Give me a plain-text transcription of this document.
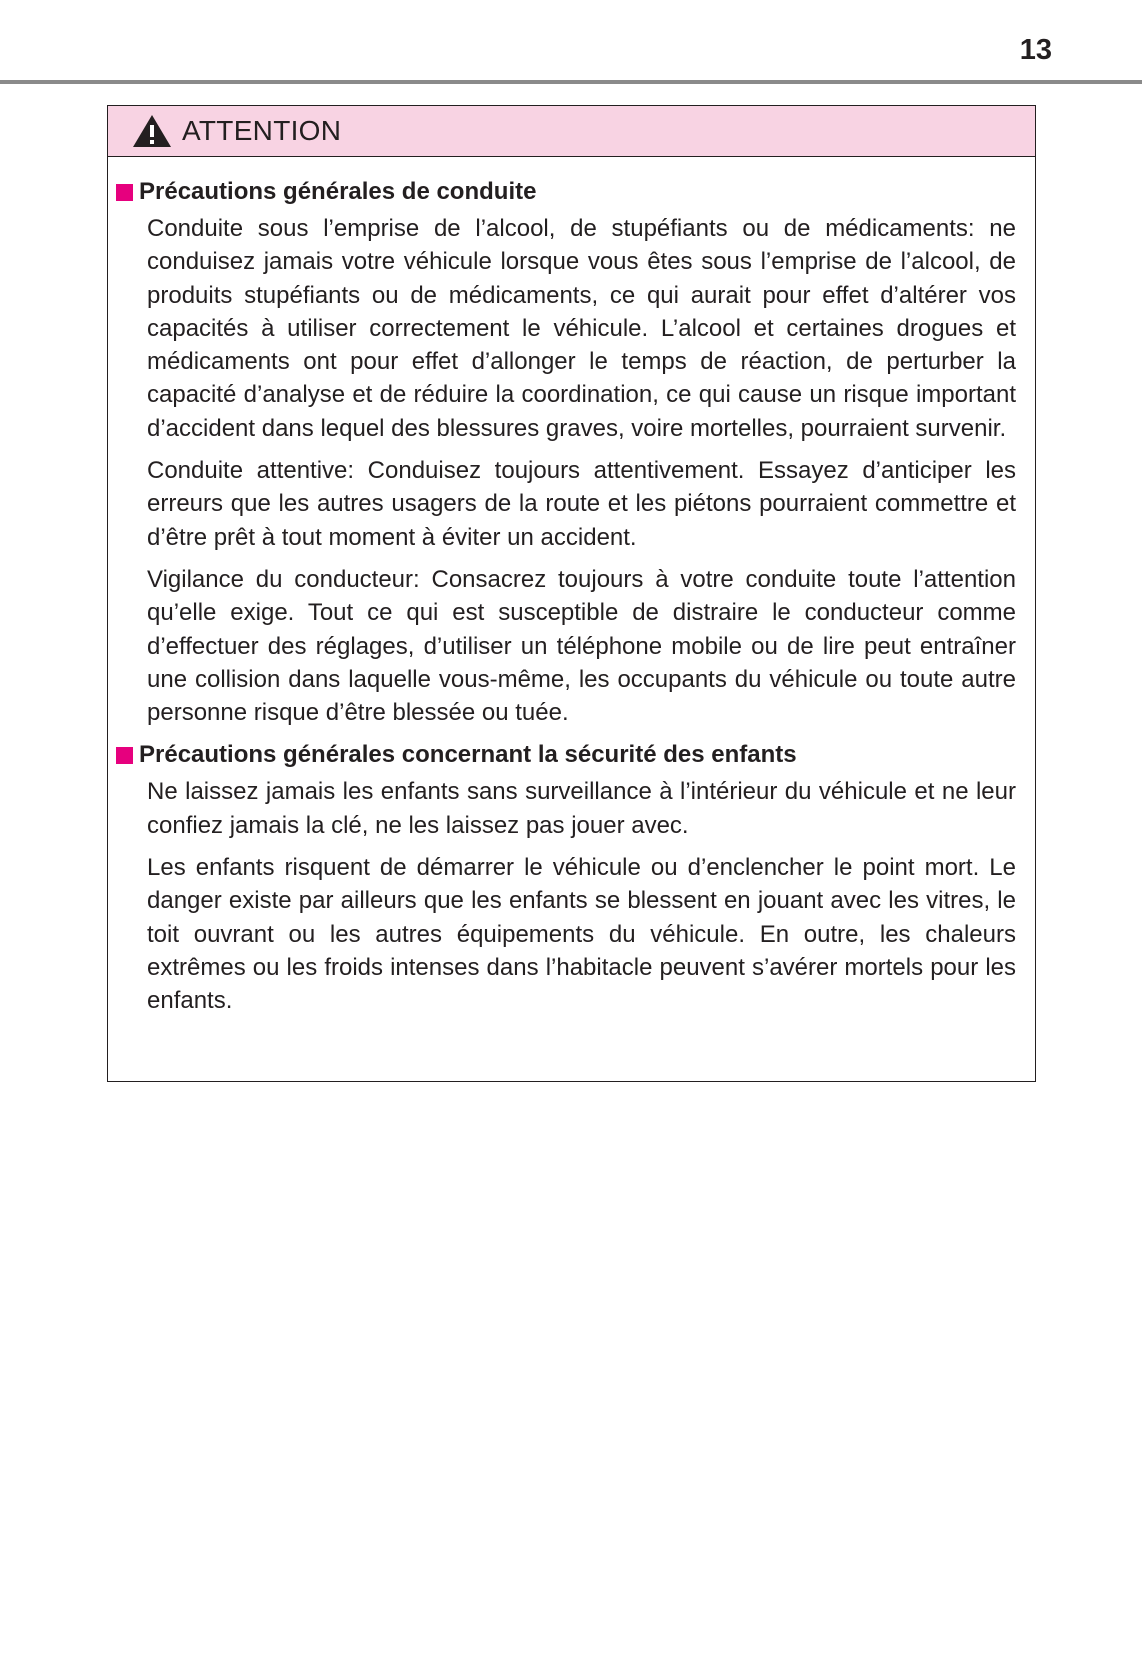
13
ATTENTION
Précautions générales de conduite

Conduite sous l’emprise de l’alcool, de stupéfiants ou de médicaments: ne conduisez jamais votre véhicule lorsque vous êtes sous l’emprise de l’alcool, de produits stupéfiants ou de médicaments, ce qui aurait pour effet d’altérer vos capacités à utiliser correctement le véhicule. L’alcool et certaines drogues et médicaments ont pour effet d’allonger le temps de réaction, de perturber la capacité d’analyse et de réduire la coordination, ce qui cause un risque important d’accident dans lequel des blessures graves, voire mortelles, pourraient survenir.

Conduite attentive: Conduisez toujours attentivement. Essayez d’anticiper les erreurs que les autres usagers de la route et les piétons pourraient commettre et d’être prêt à tout moment à éviter un accident.

Vigilance du conducteur: Consacrez toujours à votre conduite toute l’attention qu’elle exige. Tout ce qui est susceptible de distraire le conducteur comme d’effectuer des réglages, d’utiliser un téléphone mobile ou de lire peut entraîner une collision dans laquelle vous-même, les occupants du véhicule ou toute autre personne risque d’être blessée ou tuée.

Précautions générales concernant la sécurité des enfants

Ne laissez jamais les enfants sans surveillance à l’intérieur du véhicule et ne leur confiez jamais la clé, ne les laissez pas jouer avec.

Les enfants risquent de démarrer le véhicule ou d’enclencher le point mort. Le danger existe par ailleurs que les enfants se blessent en jouant avec les vitres, le toit ouvrant ou les autres équipements du véhicule. En outre, les chaleurs extrêmes ou les froids intenses dans l’habitacle peuvent s’avérer mortels pour les enfants.
